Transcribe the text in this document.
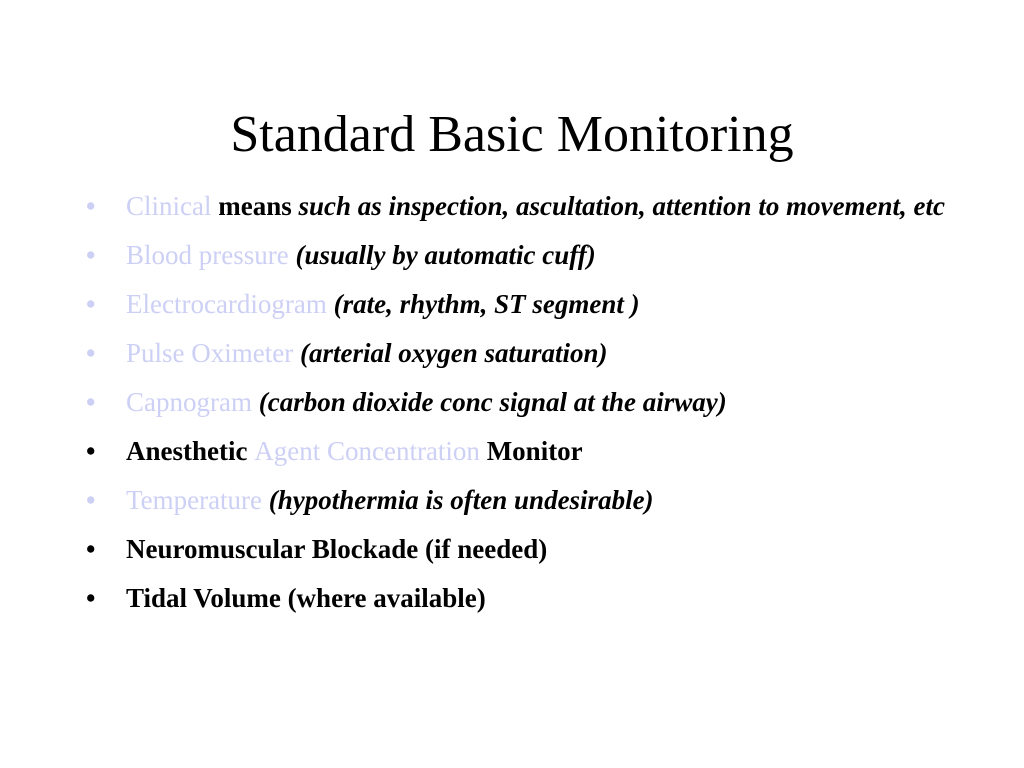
Standard Basic Monitoring
•	Clinical means such as inspection, ascultation, attention to movement, etc
•	Blood pressure (usually by automatic cuff)
•	Electrocardiogram (rate, rhythm, ST segment )
•	Pulse Oximeter (arterial oxygen saturation)
•	Capnogram (carbon dioxide conc signal at the airway)
•	Anesthetic Agent Concentration Monitor
•	Temperature (hypothermia is often undesirable)
•	Neuromuscular Blockade (if needed)
•	Tidal Volume (where available)
